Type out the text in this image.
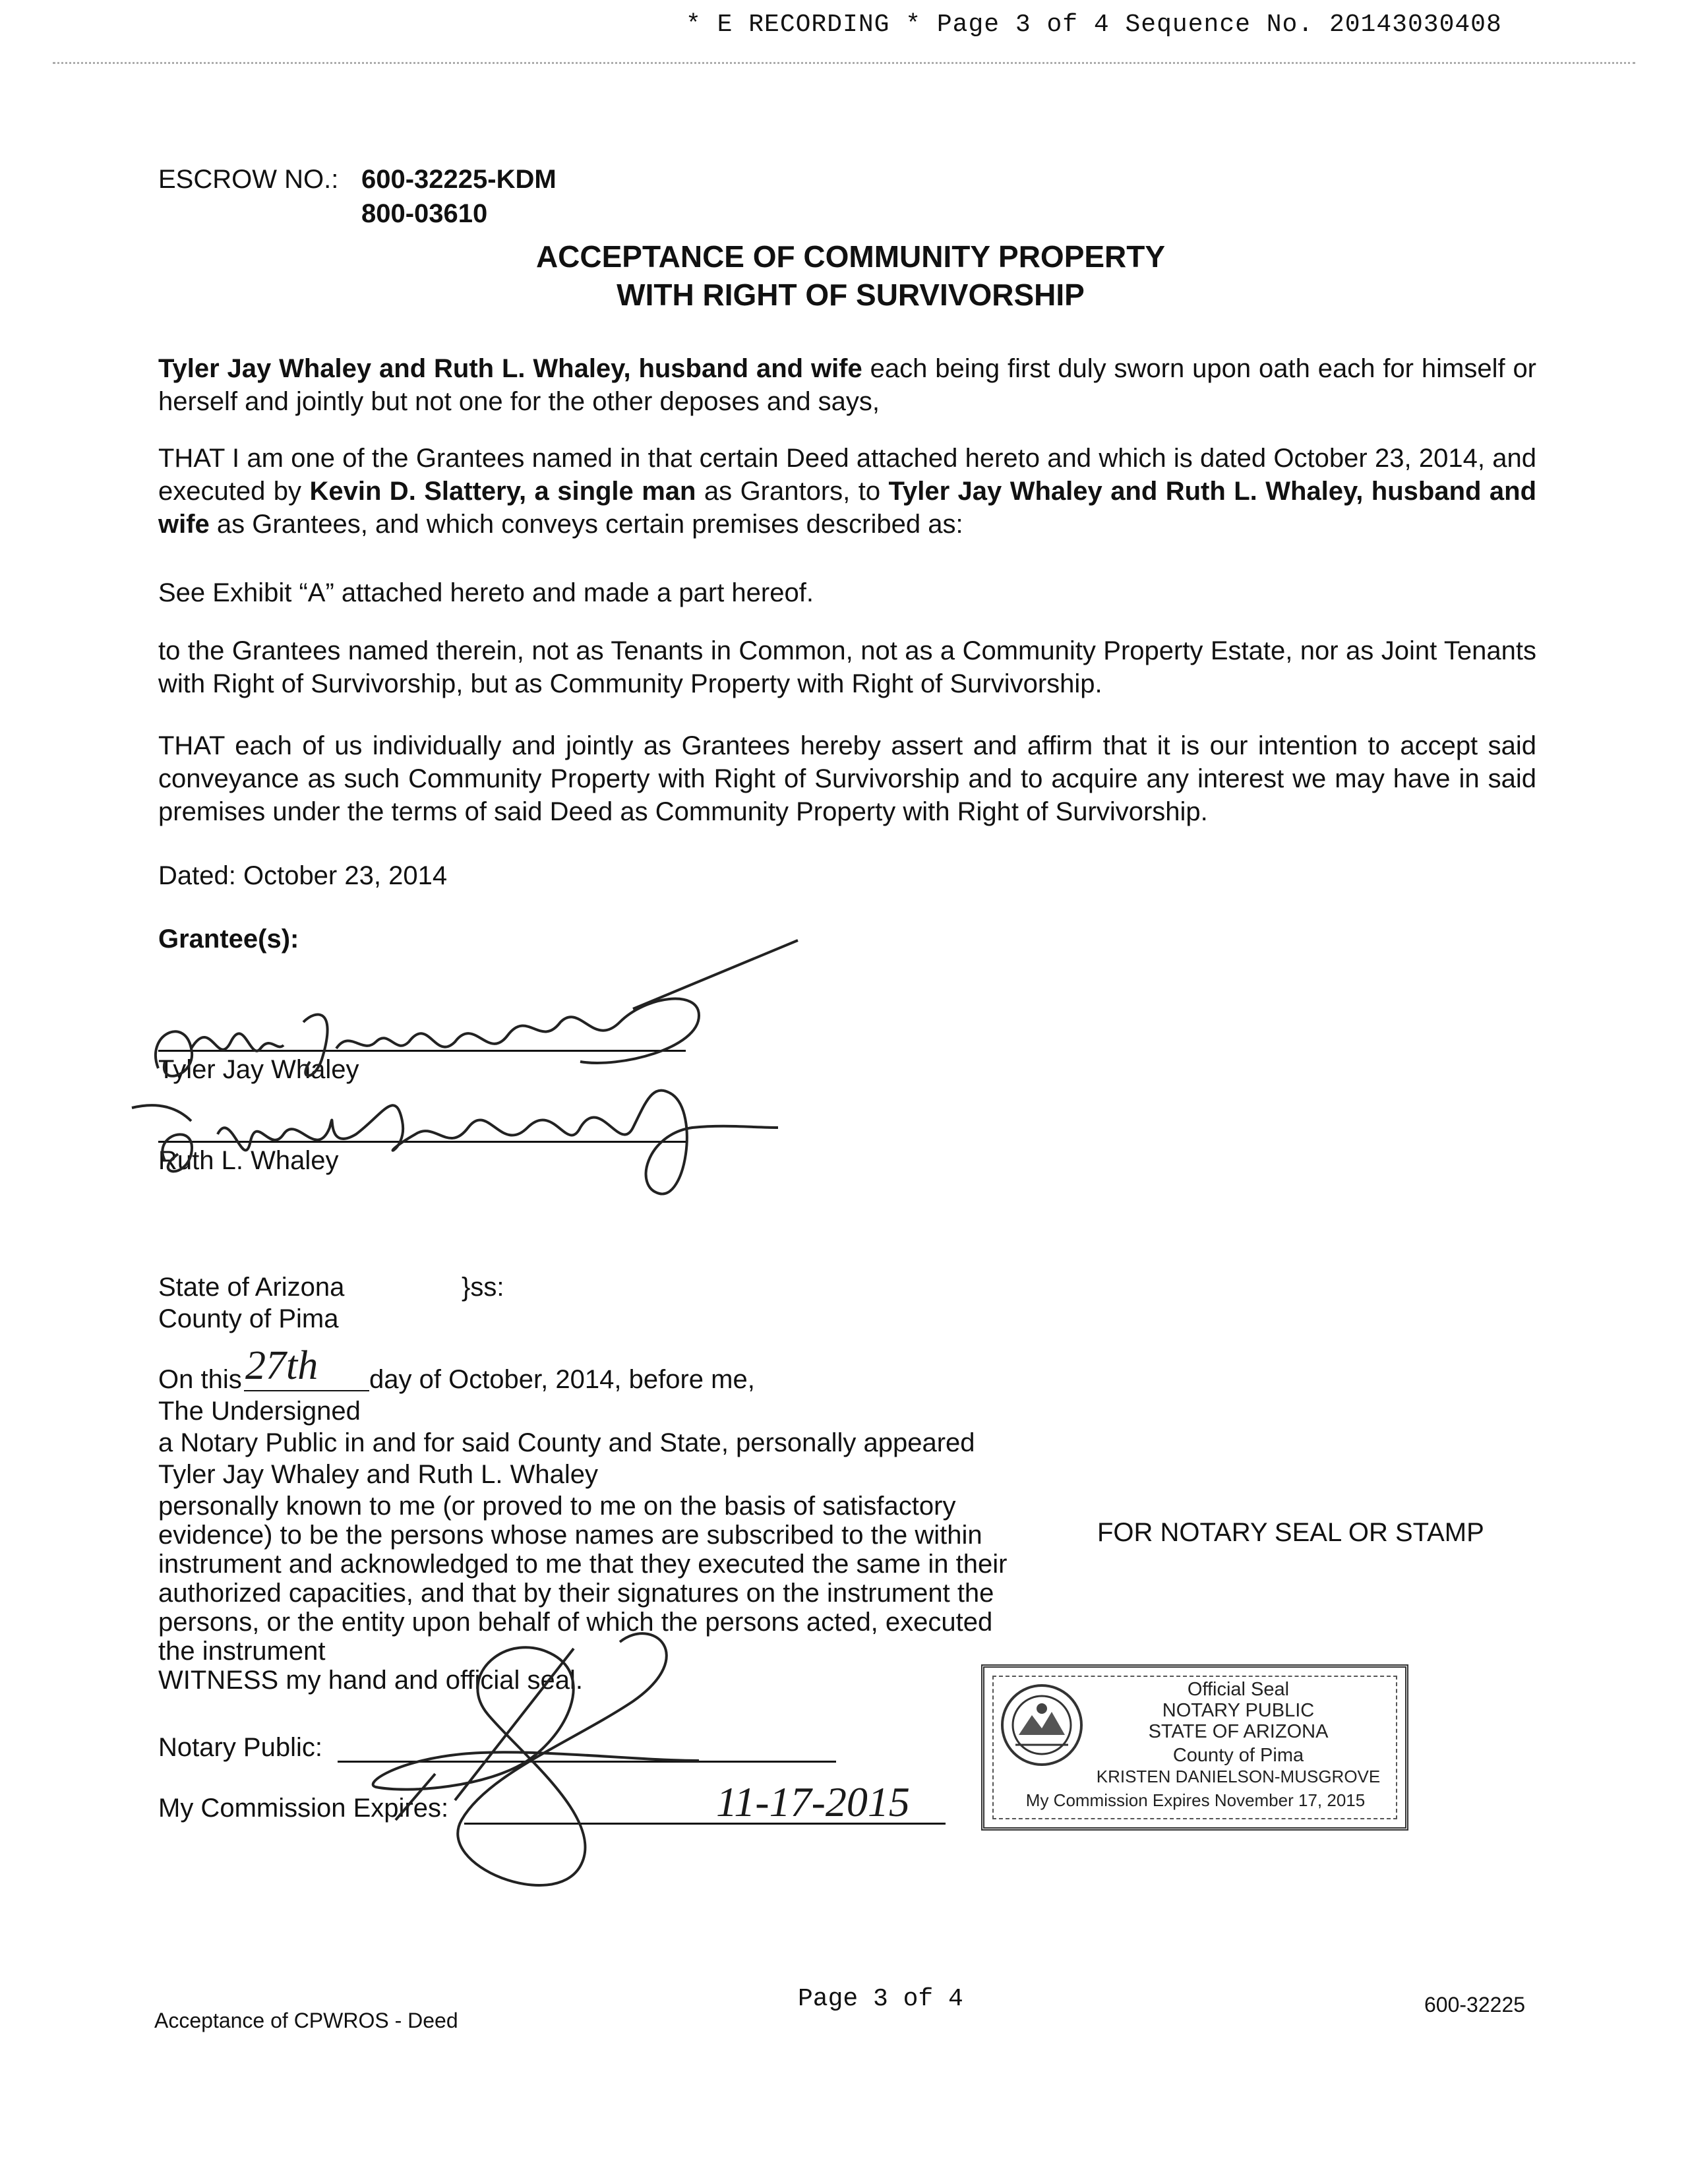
* E RECORDING * Page 3 of 4 Sequence No. 20143030408
ESCROW NO.: 600-32225-KDM
800-03610
ACCEPTANCE OF COMMUNITY PROPERTY
WITH RIGHT OF SURVIVORSHIP
Tyler Jay Whaley and Ruth L. Whaley, husband and wife each being first duly sworn upon oath each for himself or herself and jointly but not one for the other deposes and says,
THAT I am one of the Grantees named in that certain Deed attached hereto and which is dated October 23, 2014, and executed by Kevin D. Slattery, a single man as Grantors, to Tyler Jay Whaley and Ruth L. Whaley, husband and wife as Grantees, and which conveys certain premises described as:
See Exhibit “A” attached hereto and made a part hereof.
to the Grantees named therein, not as Tenants in Common, not as a Community Property Estate, nor as Joint Tenants with Right of Survivorship, but as Community Property with Right of Survivorship.
THAT each of us individually and jointly as Grantees hereby assert and affirm that it is our intention to accept said conveyance as such Community Property with Right of Survivorship and to acquire any interest we may have in said premises under the terms of said Deed as Community Property with Right of Survivorship.
Dated: October 23, 2014
Grantee(s):
Tyler Jay Whaley
Ruth L. Whaley
State of Arizona	}ss:
County of Pima
On this 27th day of October, 2014, before me,
The Undersigned
a Notary Public in and for said County and State, personally appeared
Tyler Jay Whaley and Ruth L. Whaley
personally known to me (or proved to me on the basis of satisfactory
evidence) to be the persons whose names are subscribed to the within
instrument and acknowledged to me that they executed the same in their
authorized capacities, and that by their signatures on the instrument the
persons, or the entity upon behalf of which the persons acted, executed
the instrument
WITNESS my hand and official seal.
FOR NOTARY SEAL OR STAMP
Notary Public:
My Commission Expires:	11-17-2015
Official Seal
NOTARY PUBLIC
STATE OF ARIZONA
County of Pima
KRISTEN DANIELSON-MUSGROVE
My Commission Expires November 17, 2015
Acceptance of CPWROS - Deed
Page 3 of 4	600-32225
